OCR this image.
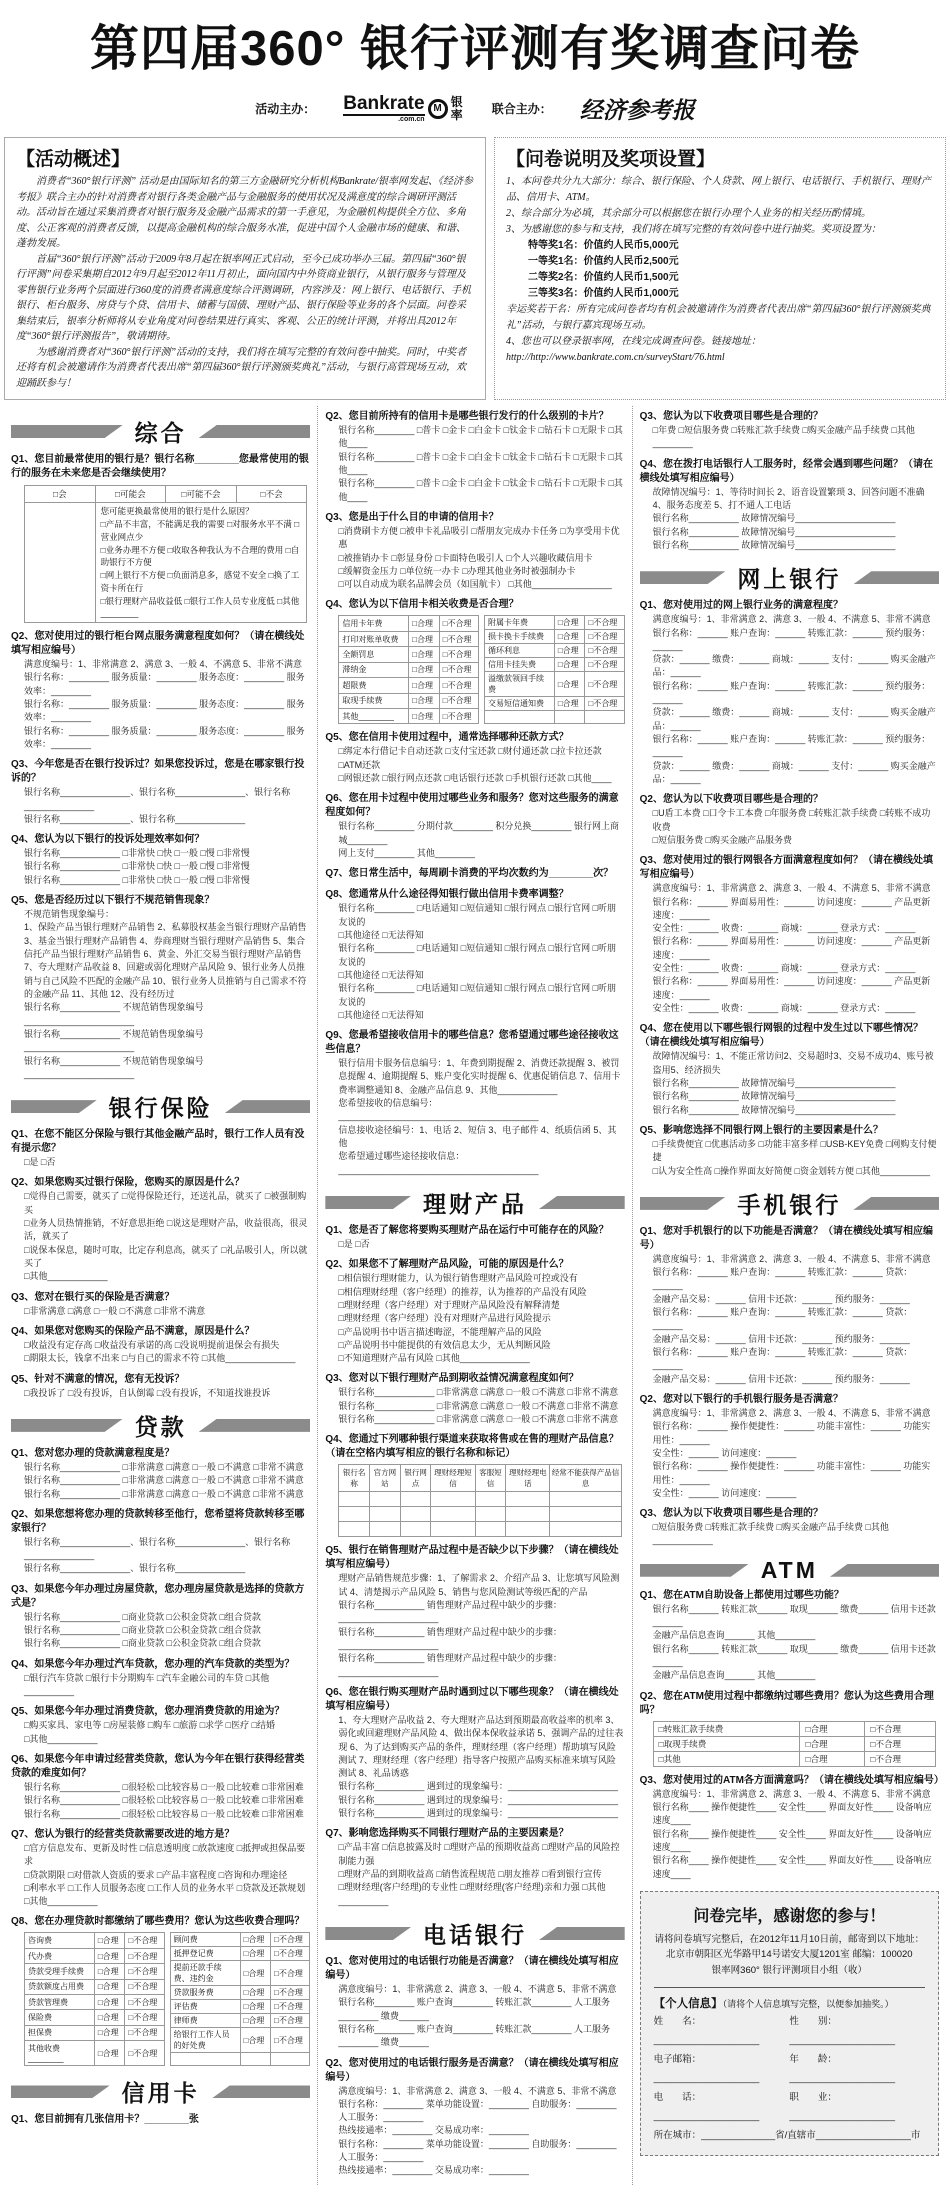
第四届360° 银行评测有奖调查问卷
活动主办： Bankrate
.com.cn
M 银率 联合主办： 经济参考报
【活动概述】
消费者“360°银行评测” 活动是由国际知名的第三方金融研究分析机构Bankrate/银率网发起、《经济参考报》联合主办的针对消费者对银行各类金融产品与金融服务的使用状况及满意度的综合调研评测活动。活动旨在通过采集消费者对银行服务及金融产品需求的第一手意见，为金融机构提供全方位、多角度、公正客观的消费者反馈，以提高金融机构的综合服务水准，促进中国个人金融市场的健康、和谐、蓬勃发展。
首届“360°银行评测”活动于2009年8月起在银率网正式启动，至今已成功举办三届。第四届“360°银行评测”问卷采集期自2012年9月起至2012年11月初止，面向国内中外资商业银行，从银行服务与管理及零售银行业务两个层面进行360度的消费者满意度综合评测调研，内容涉及：网上银行、电话银行、手机银行、柜台服务、房贷与个贷、信用卡、储蓄与国债、理财产品、银行保险等业务的各个层面。问卷采集结束后，银率分析师将从专业角度对问卷结果进行真实、客观、公正的统计评测，并将出具2012年度“360°银行评测报告”，敬请期待。
为感谢消费者对“360°银行评测”活动的支持，我们将在填写完整的有效问卷中抽奖。同时，中奖者还将有机会被邀请作为消费者代表出席“第四届360°银行评测颁奖典礼”活动，与银行高管现场互动，欢迎踊跃参与！
【问卷说明及奖项设置】
1、本问卷共分九大部分：综合、银行保险、个人贷款、网上银行、电话银行、手机银行、理财产品、信用卡、ATM。
2、综合部分为必填，其余部分可以根据您在银行办理个人业务的相关经历酌情填。
3、为感谢您的参与和支持，我们将在填写完整的有效问卷中进行抽奖。奖项设置为：
特等奖1名：价值约人民币5,000元
一等奖1名：价值约人民币2,500元
二等奖2名：价值约人民币1,500元
三等奖3名：价值约人民币1,000元
幸运奖若干名：所有完成问卷者均有机会被邀请作为消费者代表出席“第四届360°银行评测颁奖典礼”活动，与银行嘉宾现场互动。
4、您也可以登录银率网，在线完成调查问卷。链接地址：http://http://www.bankrate.com.cn/surveyStart/76.html
综合
Q1、您目前最常使用的银行是？银行名称________您最常使用的银行的服务在未来您是否会继续使用？
□会	□可能会	□可能不会	□不会

	您可能更换最常使用的银行是什么原因？
□产品不丰富，不能满足我的需要 □对服务水平不满 □营业网点少
□业务办理不方便 □收取各种我认为不合理的费用 □自助银行不方便
□网上银行不方便 □负面消息多，感觉不安全 □换了工资卡所在行
□银行理财产品收益低 □银行工作人员专业度低 □其他________		
Q2、您对使用过的银行柜台网点服务满意程度如何？（请在横线处填写相应编号）
满意度编号：1、非常满意 2、满意 3、一般 4、不满意 5、非常不满意
银行名称：________ 服务质量：________ 服务态度：________ 服务效率：________
银行名称：________ 服务质量：________ 服务态度：________ 服务效率：________
银行名称：________ 服务质量：________ 服务态度：________ 服务效率：________
Q3、今年您是否在银行投诉过？如果您投诉过，您是在哪家银行投诉的？
银行名称______________、银行名称______________、银行名称______________
银行名称______________、银行名称______________
Q4、您认为以下银行的投诉处理效率如何？
银行名称____________ □非常快 □快 □一般 □慢 □非常慢
银行名称____________ □非常快 □快 □一般 □慢 □非常慢
银行名称____________ □非常快 □快 □一般 □慢 □非常慢
Q5、您是否经历过以下银行不规范销售现象？
不规范销售现象编号：
1、保险产品当银行理财产品销售 2、私募股权基金当银行理财产品销售 3、基金当银行理财产品销售 4、券商理财当银行理财产品销售 5、集合信托产品当银行理财产品销售 6、黄金、外汇交易当银行理财产品销售 7、夸大理财产品收益 8、回避或弱化理财产品风险 9、银行业务人员推销与自己风险不匹配的金融产品 10、银行业务人员推销与自己需求不符的金融产品 11、其他 12、没有经历过
银行名称____________ 不规范销售现象编号______________________
银行名称____________ 不规范销售现象编号______________________
银行名称____________ 不规范销售现象编号______________________
银行保险
Q1、在您不能区分保险与银行其他金融产品时，银行工作人员有没有提示您？
□是 □否
Q2、如果您购买过银行保险，您购买的原因是什么？
□觉得自己需要，就买了 □觉得保险还行，还送礼品，就买了 □被强制购买
□业务人员热情推销，不好意思拒绝 □说这是理财产品，收益很高，很灵活，就买了
□说保本保息，随时可取，比定存利息高，就买了 □礼品吸引人，所以就买了
□其他____________
Q3、您对在银行买的保险是否满意？
□非常满意 □满意 □一般 □不满意 □非常不满意
Q4、如果您对您购买的保险产品不满意，原因是什么？
□收益没有定存高 □收益没有承诺的高 □没说明提前退保会有损失
□期限太长，钱拿不出来 □与自己的需求不符 □其他______________
Q5、针对不满意的情况，您有无投诉？
□我投诉了 □没有投诉，自认倒霉 □没有投诉，不知道找谁投诉
贷款
Q1、您对您办理的贷款满意程度是？
银行名称____________ □非常满意 □满意 □一般 □不满意 □非常不满意
银行名称____________ □非常满意 □满意 □一般 □不满意 □非常不满意
银行名称____________ □非常满意 □满意 □一般 □不满意 □非常不满意
Q2、如果您想将您办理的贷款转移至他行，您希望将贷款转移至哪家银行？
银行名称______________、银行名称______________、银行名称______________
银行名称______________、银行名称______________
Q3、如果您今年办理过房屋贷款，您办理房屋贷款是选择的贷款方式是？
银行名称____________ □商业贷款 □公积金贷款 □组合贷款
银行名称____________ □商业贷款 □公积金贷款 □组合贷款
银行名称____________ □商业贷款 □公积金贷款 □组合贷款
Q4、如果您今年办理过汽车贷款，您办理的汽车贷款的类型为？
□银行汽车贷款 □银行卡分期购车 □汽车金融公司的车贷 □其他__________
Q5、如果您今年办理过消费贷款，您办理消费贷款的用途为？
□购买家具、家电等 □房屋装修 □购车 □旅游 □求学 □医疗 □结婚
□其他__________
Q6、如果您今年申请过经营类贷款，您认为今年在银行获得经营类贷款的难度如何？
银行名称____________ □很轻松 □比较容易 □一般 □比较难 □非常困难
银行名称____________ □很轻松 □比较容易 □一般 □比较难 □非常困难
银行名称____________ □很轻松 □比较容易 □一般 □比较难 □非常困难
Q7、您认为银行的经营类贷款需要改进的地方是？
□官方信息发布、更新及时性 □信息透明度 □放款速度 □抵押或担保品要求
□贷款期限 □对借款人资质的要求 □产品丰富程度 □咨询和办理途径
□利率水平 □工作人员服务态度 □工作人员的业务水平 □贷款及还款规划
□其他__________
Q8、您在办理贷款时都缴纳了哪些费用？您认为这些收费合理吗？
咨询费	□合理	□不合理
代办费	□合理	□不合理
贷款受理手续费	□合理	□不合理
贷款额度占用费	□合理	□不合理
贷款管理费	□合理	□不合理
保险费	□合理	□不合理
担保费	□合理	□不合理
其他收费________	□合理	□不合理
顾问费	□合理	□不合理
抵押登记费	□合理	□不合理
提前还款手续费、违约金	□合理	□不合理
贷款服务费	□合理	□不合理
评估费	□合理	□不合理
律师费	□合理	□不合理
给银行工作人员的好处费	□合理	□不合理

信用卡
Q1、您目前拥有几张信用卡？________张
Q2、您目前所持有的信用卡是哪些银行发行的什么级别的卡片？
银行名称________ □普卡 □金卡 □白金卡 □钛金卡 □钻石卡 □无限卡 □其他____
银行名称________ □普卡 □金卡 □白金卡 □钛金卡 □钻石卡 □无限卡 □其他____
银行名称________ □普卡 □金卡 □白金卡 □钛金卡 □钻石卡 □无限卡 □其他____
Q3、您是出于什么目的申请的信用卡？
□消费刷卡方便 □被申卡礼品吸引 □帮朋友完成办卡任务 □为享受用卡优惠
□被推销办卡 □彰显身份 □卡面特色吸引人 □个人兴趣收藏信用卡
□缓解资金压力 □单位统一办卡 □办理其他业务时被强制办卡
□可以自动成为联名品牌会员（如国航卡） □其他________________
Q4、您认为以下信用卡相关收费是否合理？
信用卡年费	□合理	□不合理
打印对账单收费	□合理	□不合理
全额罚息	□合理	□不合理
滞纳金	□合理	□不合理
超限费	□合理	□不合理
取现手续费	□合理	□不合理
其他________	□合理	□不合理
附属卡年费	□合理	□不合理
损卡换卡手续费	□合理	□不合理
循环利息	□合理	□不合理
信用卡挂失费	□合理	□不合理
溢缴款领回手续费	□合理	□不合理
交易短信通知费	□合理	□不合理

Q5、您在信用卡使用过程中，通常选择哪种还款方式？
□绑定本行借记卡自动还款 □支付宝还款 □财付通还款 □拉卡拉还款 □ATM还款
□网银还款 □银行网点还款 □电话银行还款 □手机银行还款 □其他____
Q6、您在用卡过程中使用过哪些业务和服务？您对这些服务的满意程度如何？
银行名称________ 分期付款________ 积分兑换________ 银行网上商城________
网上支付________ 其他________
Q7、您日常生活中，每周刷卡消费的平均次数约为________次？
Q8、您通常从什么途径得知银行做出信用卡费率调整？
银行名称________ □电话通知 □短信通知 □银行网点 □银行官网 □听朋友说的
□其他途径 □无法得知
银行名称________ □电话通知 □短信通知 □银行网点 □银行官网 □听朋友说的
□其他途径 □无法得知
银行名称________ □电话通知 □短信通知 □银行网点 □银行官网 □听朋友说的
□其他途径 □无法得知
Q9、您最希望接收信用卡的哪些信息？您希望通过哪些途径接收这些信息？
银行信用卡服务信息编号：1、年费到期提醒 2、消费还款提醒 3、被罚息提醒 4、逾期提醒 5、账户变化实时提醒 6、优惠促销信息 7、信用卡费率调整通知 8、金融产品信息 9、其他____________
您希望接收的信息编号：________________________________________
信息接收途径编号：1、电话 2、短信 3、电子邮件 4、纸质信函 5、其他
您希望通过哪些途径接收信息：________________________________________
理财产品
Q1、您是否了解您将要购买理财产品在运行中可能存在的风险？
□是 □否
Q2、如果您不了解理财产品风险，可能的原因是什么？
□相信银行理财能力，认为银行销售理财产品风险可控或没有
□相信理财经理（客户经理）的推荐，认为推荐的产品没有风险
□理财经理（客户经理）对于理财产品风险没有解释清楚
□理财经理（客户经理）没有对理财产品进行风险提示
□产品说明书中语言描述晦涩，不能理解产品的风险
□产品说明书中能提供的有效信息太少，无从判断风险
□不知道理财产品有风险 □其他______________
Q3、您对以下银行理财产品到期收益情况满意程度如何？
银行名称____________ □非常满意 □满意 □一般 □不满意 □非常不满意
银行名称____________ □非常满意 □满意 □一般 □不满意 □非常不满意
银行名称____________ □非常满意 □满意 □一般 □不满意 □非常不满意
Q4、您通过下列哪种银行渠道来获取将售或在售的理财产品信息？（请在空格内填写相应的银行名称和标记）
银行名称	官方网站	银行网点	理财经理短信	客服短信	理财经理电话	经常不能获得产品信息

Q5、银行在销售理财产品过程中是否缺少以下步骤？（请在横线处填写相应编号）
理财产品销售规范步骤：1、了解需求 2、介绍产品 3、让您填写风险测试 4、清楚揭示产品风险 5、销售与您风险测试等级匹配的产品
银行名称__________ 销售理财产品过程中缺少的步骤：____________________
银行名称__________ 销售理财产品过程中缺少的步骤：____________________
银行名称__________ 销售理财产品过程中缺少的步骤：____________________
Q6、您在银行购买理财产品时遇到过以下哪些现象？（请在横线处填写相应编号）
1、夸大理财产品收益 2、夸大理财产品达到预期最高收益率的机率 3、弱化或回避理财产品风险 4、做出保本保收益承诺 5、强调产品的过往表现 6、为了达到购买产品的条件，理财经理（客户经理）帮助填写风险测试 7、理财经理（客户经理）指导客户按照产品购买标准来填写风险测试 8、礼品诱惑
银行名称__________ 遇到过的现象编号：______________________
银行名称__________ 遇到过的现象编号：______________________
银行名称__________ 遇到过的现象编号：______________________
Q7、影响您选择购买不同银行理财产品的主要因素是？
□产品丰富 □信息披露及时 □理财产品的预期收益高 □理财产品的风险控制能力强
□理财产品的到期收益高 □销售流程规范 □朋友推荐 □看到银行宣传
□理财经理(客户经理)的专业性 □理财经理(客户经理)亲和力强 □其他__________
电话银行
Q1、您对使用过的电话银行功能是否满意？（请在横线处填写相应编号）
满意度编号：1、非常满意 2、满意 3、一般 4、不满意 5、非常不满意
银行名称________ 账户查询________ 转账汇款________ 人工服务________ 缴费______
银行名称________ 账户查询________ 转账汇款________ 人工服务________ 缴费______
Q2、您对使用过的电话银行服务是否满意？（请在横线处填写相应编号）
满意度编号：1、非常满意 2、满意 3、一般 4、不满意 5、非常不满意
银行名称：________ 菜单功能设置：________ 自助服务：________ 人工服务：________
热线接通率：________ 交易成功率：________
银行名称：________ 菜单功能设置：________ 自助服务：________ 人工服务：________
热线接通率：________ 交易成功率：________
Q3、您认为以下收费项目哪些是合理的？
□年费 □短信服务费 □转账汇款手续费 □购买金融产品手续费 □其他________
Q4、您在拨打电话银行人工服务时，经常会遇到哪些问题？（请在横线处填写相应编号）
故障情况编号：1、等待时间长 2、语音设置繁琐 3、回答问题不准确 4、服务态度差 5、打不通人工电话
银行名称__________ 故障情况编号____________________
银行名称__________ 故障情况编号____________________
银行名称__________ 故障情况编号____________________
网上银行
Q1、您对使用过的网上银行业务的满意程度？
满意度编号：1、非常满意 2、满意 3、一般 4、不满意 5、非常不满意
银行名称：______ 账户查询：______ 转账汇款：______ 预约服务：______
贷款：______ 缴费：______ 商城：______ 支付：______ 购买金融产品：______
银行名称：______ 账户查询：______ 转账汇款：______ 预约服务：______
贷款：______ 缴费：______ 商城：______ 支付：______ 购买金融产品：______
银行名称：______ 账户查询：______ 转账汇款：______ 预约服务：______
贷款：______ 缴费：______ 商城：______ 支付：______ 购买金融产品：______
Q2、您认为以下收费项目哪些是合理的？
□U盾工本费 □口令卡工本费 □年服务费 □转账汇款手续费 □转账不成功收费
□短信服务费 □购买金融产品服务费
Q3、您对使用过的银行网银各方面满意程度如何？（请在横线处填写相应编号）
满意度编号：1、非常满意 2、满意 3、一般 4、不满意 5、非常不满意
银行名称：______ 界面易用性：______ 访问速度：______ 产品更新速度：______
安全性：______ 收费：______ 商城：______ 登录方式：______
银行名称：______ 界面易用性：______ 访问速度：______ 产品更新速度：______
安全性：______ 收费：______ 商城：______ 登录方式：______
银行名称：______ 界面易用性：______ 访问速度：______ 产品更新速度：______
安全性：______ 收费：______ 商城：______ 登录方式：______
Q4、您在使用以下哪些银行网银的过程中发生过以下哪些情况？（请在横线处填写相应编号）
故障情况编号：1、不能正常访问2、交易超时3、交易不成功4、账号被盗用5、经济损失
银行名称__________ 故障情况编号____________________
银行名称__________ 故障情况编号____________________
银行名称__________ 故障情况编号____________________
Q5、影响您选择不同银行网上银行的主要因素是什么？
□手续费便宜 □优惠活动多 □功能丰富多样 □USB-KEY免费 □网购支付便捷
□认为安全性高 □操作界面友好简便 □资金划转方便 □其他__________
手机银行
Q1、您对手机银行的以下功能是否满意？（请在横线处填写相应编号）
满意度编号：1、非常满意 2、满意 3、一般 4、不满意 5、非常不满意
银行名称：______ 账户查询：______ 转账汇款：______ 贷款：______
金融产品交易：______ 信用卡还款：______ 预约服务：______
银行名称：______ 账户查询：______ 转账汇款：______ 贷款：______
金融产品交易：______ 信用卡还款：______ 预约服务：______
银行名称：______ 账户查询：______ 转账汇款：______ 贷款：______
金融产品交易：______ 信用卡还款：______ 预约服务：______
Q2、您对以下银行的手机银行服务是否满意？
满意度编号：1、非常满意 2、满意 3、一般 4、不满意 5、非常不满意
银行名称：______ 操作便捷性：______ 功能丰富性：______ 功能实用性：______
安全性：______ 访问速度：______
银行名称：______ 操作便捷性：______ 功能丰富性：______ 功能实用性：______
安全性：______ 访问速度：______
Q3、您认为以下收费项目哪些是合理的？
□短信服务费 □转账汇款手续费 □购买金融产品手续费 □其他____________
ATM
Q1、您在ATM自助设备上都使用过哪些功能？
银行名称______ 转账汇款______ 取现______ 缴费______ 信用卡还款______
金融产品信息查询______ 其他________
银行名称______ 转账汇款______ 取现______ 缴费______ 信用卡还款______
金融产品信息查询______ 其他________
Q2、您在ATM使用过程中都缴纳过哪些费用？您认为这些费用合理吗？
□转账汇款手续费	□合理	□不合理
□取现手续费	□合理	□不合理
□其他	□合理	□不合理
Q3、您对使用过的ATM各方面满意吗？（请在横线处填写相应编号）
满意度编号：1、非常满意 2、满意 3、一般 4、不满意 5、非常不满意
银行名称____ 操作便捷性____ 安全性____ 界面友好性____ 设备响应速度____
银行名称____ 操作便捷性____ 安全性____ 界面友好性____ 设备响应速度____
银行名称____ 操作便捷性____ 安全性____ 界面友好性____ 设备响应速度____
问卷完毕，感谢您的参与！
请将问卷填写完整后，在2012年11月10日前，邮寄到以下地址：
北京市朝阳区光华路甲14号诺安大厦1201室 邮编：100020
银率网360° 银行评测项目小组（收）
【个人信息】（请将个人信息填写完整，以便参加抽奖。）
姓　　名：____________________
性　　别：____________________
电子邮箱：____________________
年　　龄：____________________
电　　话：____________________
职　　业：____________________
所在城市：______________省/直辖市__________________市
